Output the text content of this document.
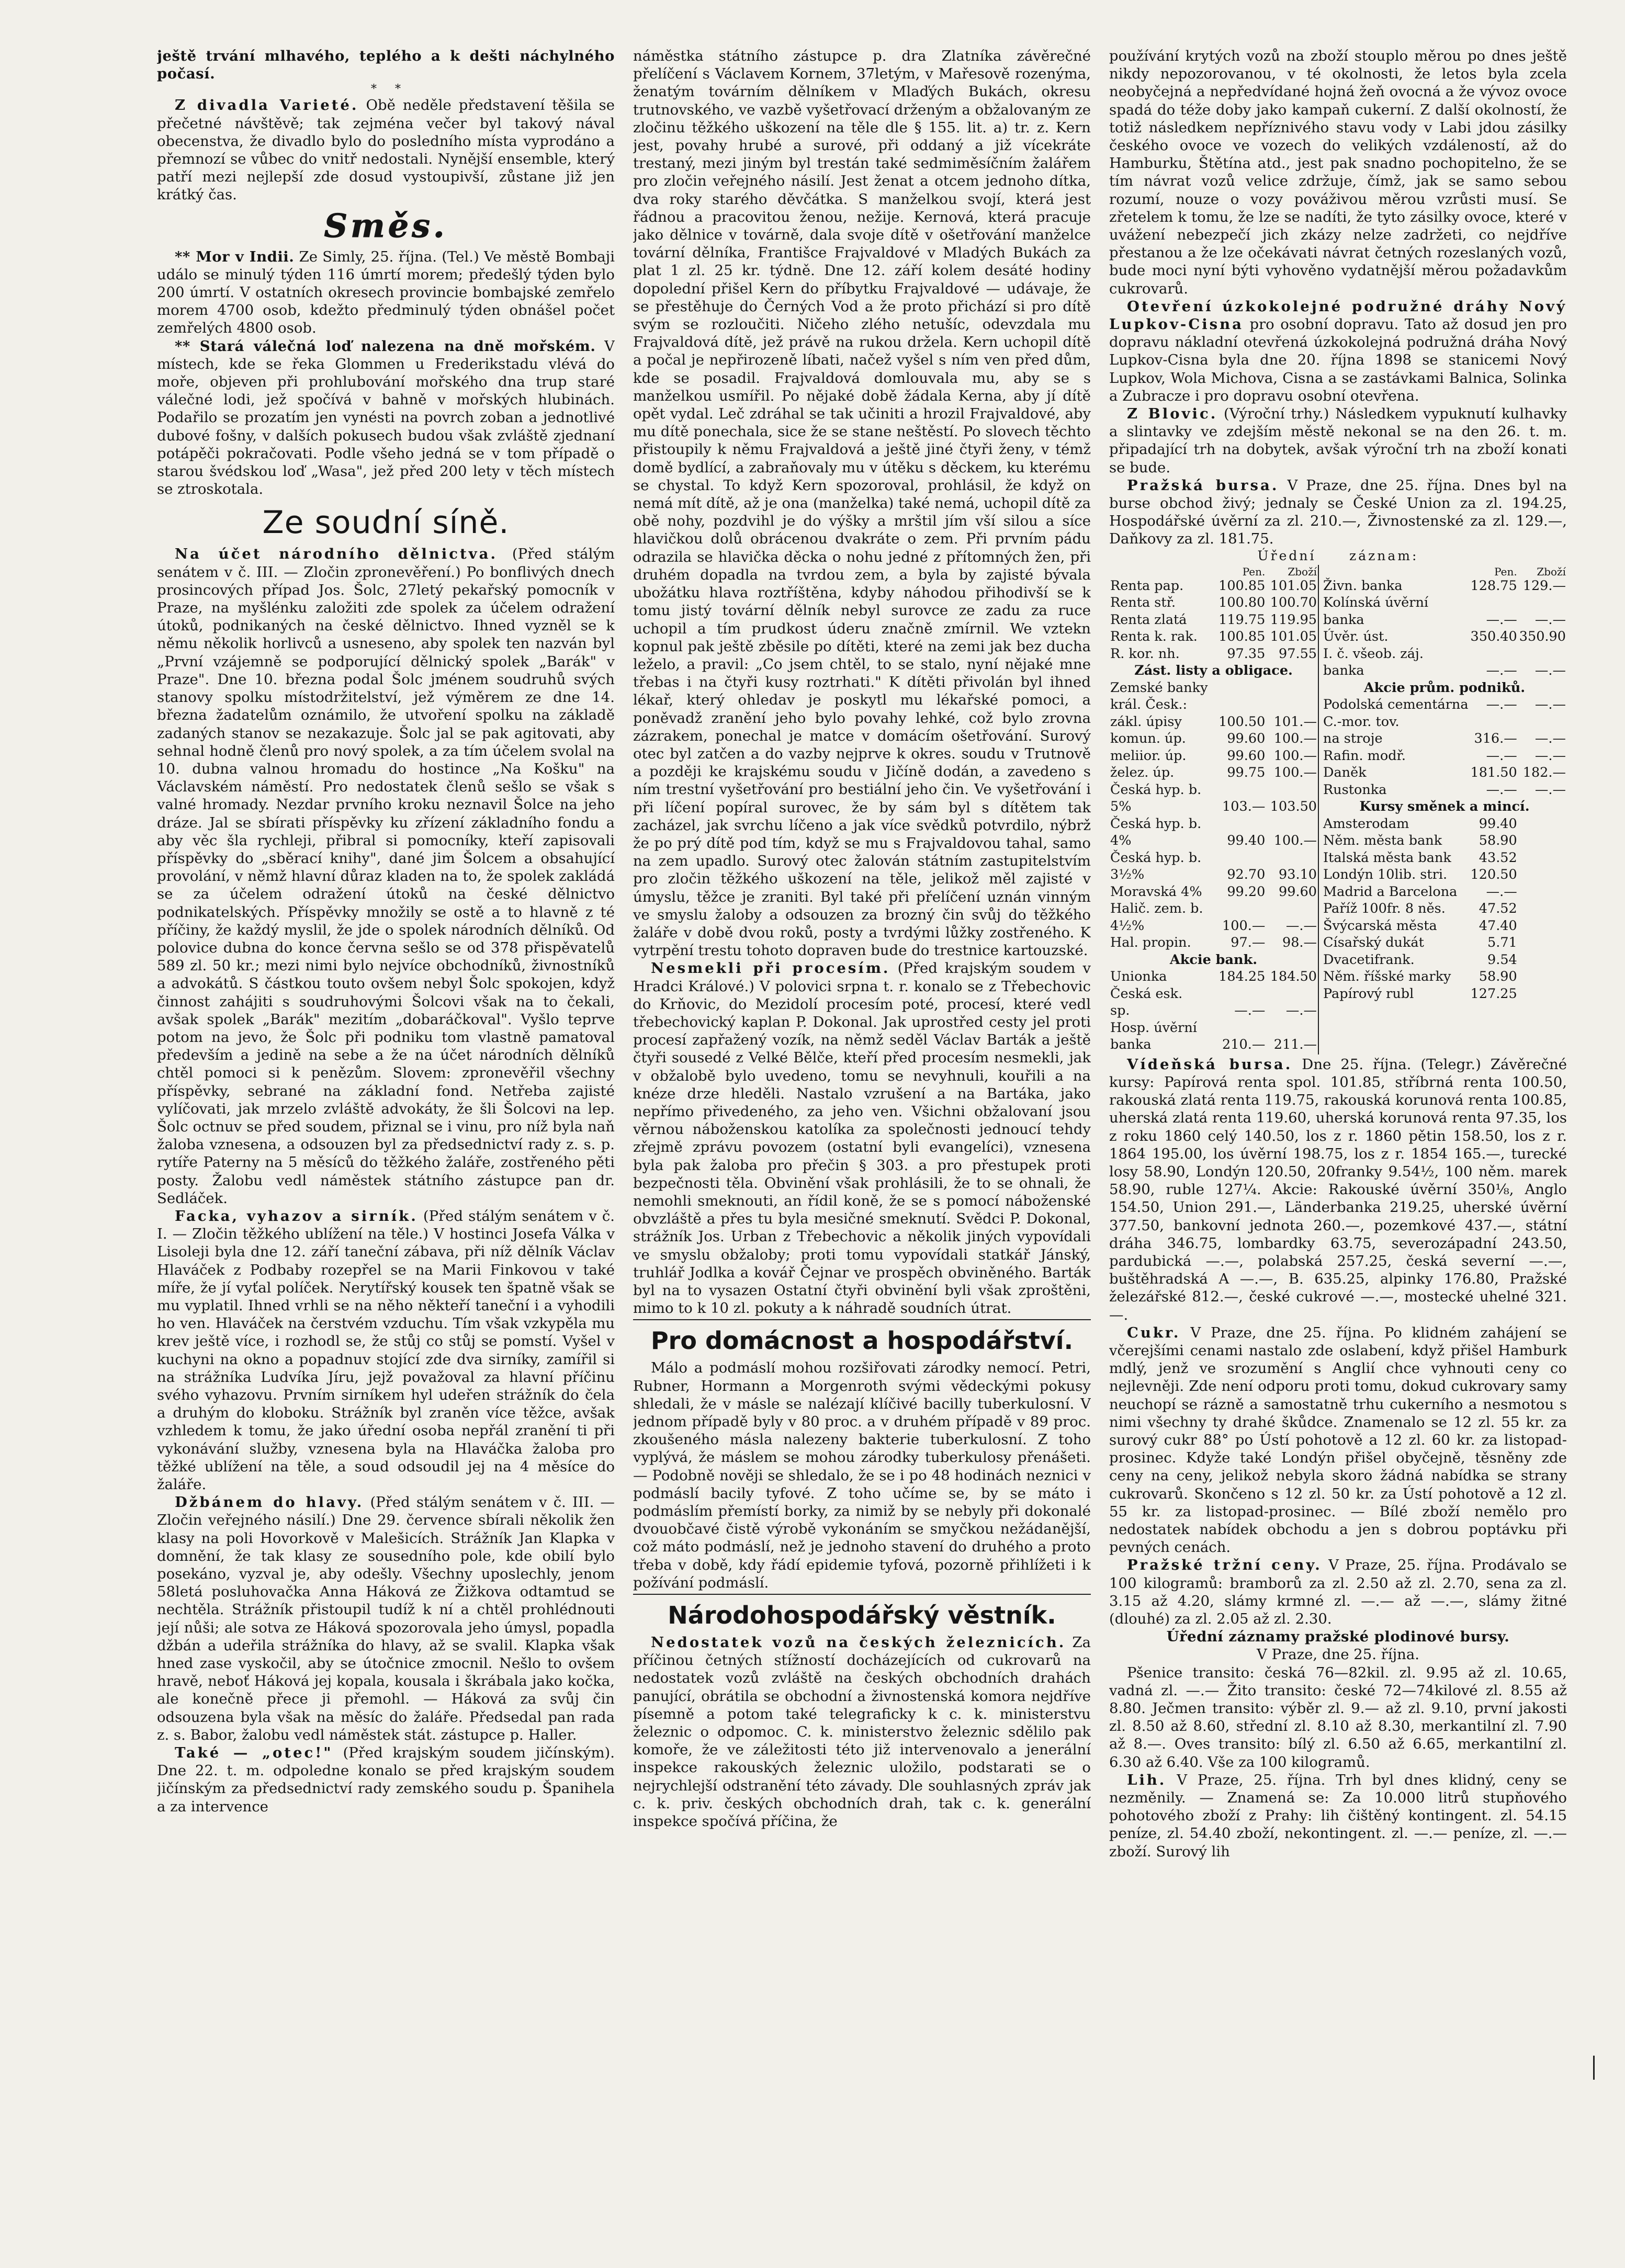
ještě trvání mlhavého, teplého a k dešti náchylného počasí.

*     *

Z divadla Varieté. Obě neděle představení těšila se přečetné návštěvě; tak zejména večer byl takový nával obecenstva, že divadlo bylo do posledního místa vyprodáno a přemnozí se vůbec do vnitř nedostali. Nynější ensemble, který patří mezi nejlepší zde dosud vystoupivší, zůstane již jen krátký čas.

Směs.

** Mor v Indii. Ze Simly, 25. října. (Tel.) Ve městě Bombaji událo se minulý týden 116 úmrtí morem; předešlý týden bylo 200 úmrtí. V ostatních okresech provincie bombajské zemřelo morem 4700 osob, kdežto předminulý týden obnášel počet zemřelých 4800 osob.

** Stará válečná loď nalezena na dně mořském. V místech, kde se řeka Glommen u Frederikstadu vlévá do moře, objeven při prohlubování mořského dna trup staré válečné lodi, jež spočívá v bahně v mořských hlubinách. Podařilo se prozatím jen vynésti na povrch zoban a jednotlivé dubové fošny, v dalších pokusech budou však zvláště zjednaní potápěči pokračovati. Podle všeho jedná se v tom případě o starou švédskou loď „Wasa", jež před 200 lety v těch místech se ztroskotala.

Ze soudní síně.

Na účet národního dělnictva. (Před stálým senátem v č. III. — Zločin zpronevěření.) Po bonflivých dnech prosincových případ Jos. Šolc, 27letý pekařský pomocník v Praze, na myšlénku založiti zde spolek za účelem odražení útoků, podnikaných na české dělnictvo. Ihned vyzněl se k němu několik horlivců a usneseno, aby spolek ten nazván byl „První vzájemně se podporující dělnický spolek „Barák" v Praze". Dne 10. března podal Šolc jménem soudruhů svých stanovy spolku místodržitelství, jež výměrem ze dne 14. března žadatelům oznámilo, že utvoření spolku na základě zadaných stanov se nezakazuje. Šolc jal se pak agitovati, aby sehnal hodně členů pro nový spolek, a za tím účelem svolal na 10. dubna valnou hromadu do hostince „Na Košku" na Václavském náměstí. Pro nedostatek členů sešlo se však s valné hromady. Nezdar prvního kroku neznavil Šolce na jeho dráze. Jal se sbírati příspěvky ku zřízení základního fondu a aby věc šla rychleji, přibral si pomocníky, kteří zapisovali příspěvky do „sběrací knihy", dané jim Šolcem a obsahující provolání, v němž hlavní důraz kladen na to, že spolek zakládá se za účelem odražení útoků na české dělnictvo podnikatelských. Příspěvky množily se ostě a to hlavně z té příčiny, že každý myslil, že jde o spolek národních dělníků. Od polovice dubna do konce června sešlo se od 378 přispěvatelů 589 zl. 50 kr.; mezi nimi bylo nejvíce obchodníků, živnostníků a advokátů. S částkou touto ovšem nebyl Šolc spokojen, když činnost zahájiti s soudruhovými Šolcovi však na to čekali, avšak spolek „Barák" mezitím „dobaráčkoval". Vyšlo teprve potom na jevo, že Šolc při podniku tom vlastně pamatoval především a jedině na sebe a že na účet národních dělníků chtěl pomoci si k penězům. Slovem: zpronevěřil všechny příspěvky, sebrané na základní fond. Netřeba zajisté vylíčovati, jak mrzelo zvláště advokáty, že šli Šolcovi na lep. Šolc octnuv se před soudem, přiznal se i vinu, pro níž byla naň žaloba vznesena, a odsouzen byl za předsednictví rady z. s. p. rytíře Paterny na 5 měsíců do těžkého žaláře, zostřeného pěti posty. Žalobu vedl náměstek státního zástupce pan dr. Sedláček.

Facka, vyhazov a sirník. (Před stálým senátem v č. I. — Zločin těžkého ublížení na těle.) V hostinci Josefa Válka v Lisoleji byla dne 12. září taneční zábava, při níž dělník Václav Hlaváček z Podbaby rozepřel se na Marii Finkovou v také míře, že jí vyťal políček. Nerytířský kousek ten špatně však se mu vyplatil. Ihned vrhli se na něho někteří taneční i a vyhodili ho ven. Hlaváček na čerstvém vzduchu. Tím však vzkypěla mu krev ještě více, i rozhodl se, že stůj co stůj se pomstí. Vyšel v kuchyni na okno a popadnuv stojící zde dva sirníky, zamířil si na strážníka Ludvíka Jíru, jejž považoval za hlavní příčinu svého vyhazovu. Prvním sirníkem hyl udeřen strážník do čela a druhým do kloboku. Strážník byl zraněn více těžce, avšak vzhledem k tomu, že jako úřední osoba nepřál zranění ti při vykonávání služby, vznesena byla na Hlaváčka žaloba pro těžké ublížení na těle, a soud odsoudil jej na 4 měsíce do žaláře.

Džbánem do hlavy. (Před stálým senátem v č. III. — Zločin veřejného násilí.) Dne 29. července sbírali několik žen klasy na poli Hovorkově v Malešicích. Strážník Jan Klapka v domnění, že tak klasy ze sousedního pole, kde obilí bylo posekáno, vyzval je, aby odešly. Všechny uposlechly, jenom 58letá posluhovačka Anna Háková ze Žižkova odtamtud se nechtěla. Strážník přistoupil tudíž k ní a chtěl prohlédnouti její nůši; ale sotva ze Háková spozorovala jeho úmysl, popadla džbán a udeřila strážníka do hlavy, až se svalil. Klapka však hned zase vyskočil, aby se útočnice zmocnil. Nešlo to ovšem hravě, neboť Háková jej kopala, kousala i škrábala jako kočka, ale konečně přece ji přemohl. — Háková za svůj čin odsouzena byla však na měsíc do žaláře. Předsedal pan rada z. s. Babor, žalobu vedl náměstek stát. zástupce p. Haller.

Také — „otec!" (Před krajským soudem jičínským). Dne 22. t. m. odpoledne konalo se před krajským soudem jičínským za předsednictví rady zemského soudu p. Španihela a za intervence

náměstka státního zástupce p. dra Zlatníka závěrečné přelíčení s Václavem Kornem, 37letým, v Mařesově rozenýma, ženatým továrním dělníkem v Mlaďých Bukách, okresu trutnovského, ve vazbě vyšetřovací drženým a obžalovaným ze zločinu těžkého uškození na těle dle § 155. lit. a) tr. z. Kern jest, povahy hrubé a surové, při oddaný a již vícekráte trestaný, mezi jiným byl trestán také sedmiměsíčním žalářem pro zločin veřejného násilí. Jest ženat a otcem jednoho dítka, dva roky starého děvčátka. S manželkou svojí, která jest řádnou a pracovitou ženou, nežije. Kernová, která pracuje jako dělnice v továrně, dala svoje dítě v ošetřování manželce tovární dělníka, Františce Frajvaldové v Mladých Bukách za plat 1 zl. 25 kr. týdně. Dne 12. září kolem desáté hodiny dopolední přišel Kern do příbytku Frajvaldové — udávaje, že se přestěhuje do Černých Vod a že proto přichází si pro dítě svým se rozloučiti. Ničeho zlého netušíc, odevzdala mu Frajvaldová dítě, jež právě na rukou držela. Kern uchopil dítě a počal je nepřirozeně líbati, načež vyšel s ním ven před dům, kde se posadil. Frajvaldová domlouvala mu, aby se s manželkou usmířil. Po nějaké době žádala Kerna, aby jí dítě opět vydal. Leč zdráhal se tak učiniti a hrozil Frajvaldové, aby mu dítě ponechala, sice že se stane neštěstí. Po slovech těchto přistoupily k němu Frajvaldová a ještě jiné čtyři ženy, v témž domě bydlící, a zabraňovaly mu v útěku s děckem, ku kterému se chystal. To když Kern spozoroval, prohlásil, že když on nemá mít dítě, až je ona (manželka) také nemá, uchopil dítě za obě nohy, pozdvihl je do výšky a mrštil jím vší silou a síce hlavičkou dolů obrácenou dvakráte o zem. Při prvním pádu odrazila se hlavička děcka o nohu jedné z přítomných žen, při druhém dopadla na tvrdou zem, a byla by zajisté bývala ubožátku hlava roztříštěna, kdyby náhodou přihodivší se k tomu jistý tovární dělník nebyl surovce ze zadu za ruce uchopil a tím prudkost úderu značně zmírnil. We vztekn kopnul pak ještě zběsile po dítěti, které na zemi jak bez ducha leželo, a pravil: „Co jsem chtěl, to se stalo, nyní nějaké mne třebas i na čtyři kusy roztrhati." K dítěti přivolán byl ihned lékař, který ohledav je poskytl mu lékařské pomoci, a poněvadž zranění jeho bylo povahy lehké, což bylo zrovna zázrakem, ponechal je matce v domácím ošetřování. Surový otec byl zatčen a do vazby nejprve k okres. soudu v Trutnově a později ke krajskému soudu v Jičíně dodán, a zavedeno s ním trestní vyšetřování pro bestiální jeho čin. Ve vyšetřování i při líčení popíral surovec, že by sám byl s dítětem tak zacházel, jak svrchu líčeno a jak více svědků potvrdilo, nýbrž že po prý dítě pod tím, když se mu s Frajvaldovou tahal, samo na zem upadlo. Surový otec žalován státním zastupitelstvím pro zločin těžkého uškození na těle, jelikož měl zajisté v úmyslu, těžce je zraniti. Byl také při přelíčení uznán vinným ve smyslu žaloby a odsouzen za brozný čin svůj do těžkého žaláře v době dvou roků, posty a tvrdými lůžky zostřeného. K vytrpění trestu tohoto dopraven bude do trestnice kartouzské.

Nesmekli při procesím. (Před krajským soudem v Hradci Králové.) V polovici srpna t. r. konalo se z Třebechovic do Krňovic, do Mezidolí procesím poté, procesí, které vedl třebechovický kaplan P. Dokonal. Jak uprostřed cesty jel proti procesí zapřažený vozík, na němž seděl Václav Barták a ještě čtyři sousedé z Velké Bělče, kteří před procesím nesmekli, jak v obžalobě bylo uvedeno, tomu se nevyhnuli, kouřili a na knéze drze hleděli. Nastalo vzrušení a na Bartáka, jako nepřímo přivedeného, za jeho ven. Všichni obžalovaní jsou věrnou náboženskou katolíka za společnosti jednoucí tehdy zřejmě zprávu povozem (ostatní byli evangelíci), vznesena byla pak žaloba pro přečin § 303. a pro přestupek proti bezpečnosti těla. Obvinění však prohlásili, že to se ohnali, že nemohli smeknouti, an řídil koně, že se s pomocí náboženské obvzláště a přes tu byla mesičné smeknutí. Svědci P. Dokonal, strážník Jos. Urban z Třebechovic a několik jiných vypovídali ve smyslu obžaloby; proti tomu vypovídali statkář Jánský, truhlář Jodlka a kovář Čejnar ve prospěch obviněného. Barták byl na to vysazen Ostatní čtyři obvinění byli však zproštěni, mimo to k 10 zl. pokuty a k náhradě soudních útrat.

Pro domácnost a hospodářství.

Málo a podmáslí mohou rozšiřovati zárodky nemocí. Petri, Rubner, Hormann a Morgenroth svými vědeckými pokusy shledali, že v másle se nalézají klíčivé bacilly tuberkulosní. V jednom případě byly v 80 proc. a v druhém případě v 89 proc. zkoušeného másla nalezeny bakterie tuberkulosní. Z toho vyplývá, že máslem se mohou zárodky tuberkulosy přenášeti. — Podobně nověji se shledalo, že se i po 48 hodinách neznici v podmáslí bacily tyfové. Z toho učíme se, by se máto i podmáslím přemístí borky, za nimiž by se nebyly při dokonalé dvouobčavé čistě výrobě vykonáním se smyčkou nežádanější, což máto podmáslí, než je jednoho stavení do druhého a proto třeba v době, kdy řádí epidemie tyfová, pozorně přihlížeti i k požívání podmáslí.

Národohospodářský věstník.

Nedostatek vozů na českých železnicích. Za příčinou četných stížností docházejících od cukrovarů na nedostatek vozů zvláště na českých obchodních drahách panující, obrátila se obchodní a živnostenská komora nejdříve písemně a potom také telegraficky k c. k. ministerstvu železnic o odpomoc. C. k. ministerstvo železnic sdělilo pak komoře, že ve záležitosti této již intervenovalo a jenerální inspekce rakouských železnic uložilo, podstarati se o nejrychlejší odstranění této závady. Dle souhlasných zpráv jak c. k. priv. českých obchodních drah, tak c. k. generální inspekce spočívá příčina, že

používání krytých vozů na zboží stouplo měrou po dnes ještě nikdy nepozorovanou, v té okolnosti, že letos byla zcela neobyčejná a nepředvídané hojná žeň ovocná a že vývoz ovoce spadá do téže doby jako kampaň cukerní. Z další okolností, že totiž následkem nepříznivého stavu vody v Labi jdou zásilky českého ovoce ve vozech do velikých vzdáleností, až do Hamburku, Štětína atd., jest pak snadno pochopitelno, že se tím návrat vozů velice zdržuje, čímž, jak se samo sebou rozumí, nouze o vozy pováživou měrou vzrůsti musí. Se zřetelem k tomu, že lze se nadíti, že tyto zásilky ovoce, které v uvážení nebezpečí jich zkázy nelze zadržeti, co nejdříve přestanou a že lze očekávati návrat četných rozeslaných vozů, bude moci nyní býti vyhověno vydatnější měrou požadavkům cukrovarů.

Otevření úzkokolejné podružné dráhy Nový Lupkov-Cisna pro osobní dopravu. Tato až dosud jen pro dopravu nákladní otevřená úzkokolejná podružná dráha Nový Lupkov-Cisna byla dne 20. října 1898 se stanicemi Nový Lupkov, Wola Michova, Cisna a se zastávkami Balnica, Solinka a Zubracze i pro dopravu osobní otevřena.

Z Blovic. (Výroční trhy.) Následkem vypuknutí kulhavky a slintavky ve zdejším městě nekonal se na den 26. t. m. připadající trh na dobytek, avšak výroční trh na zboží konati se bude.

Pražská bursa. V Praze, dne 25. října. Dnes byl na burse obchod živý; jednaly se České Union za zl. 194.25, Hospodářské úvěrní za zl. 210.—, Živnostenské za zl. 129.—, Daňkovy za zl. 181.75.

Úřední	záznam:
	Pen.	Zboží
Renta pap.	100.85	101.05
Renta stř.	100.80	100.70
Renta zlatá	119.75	119.95
Renta k. rak.	100.85	101.05
R. kor. nh.	97.35	97.55
Zást. listy a obligace.
Zemské banky		
král. Česk.:		
zákl. úpisy	100.50	101.—
komun. úp.	99.60	100.—
meliior. úp.	99.60	100.—
želez. úp.	99.75	100.—
Česká hyp. b.		
5%	103.—	103.50
Česká hyp. b.		
4%	99.40	100.—
Česká hyp. b.		
3½%	92.70	93.10
Moravská 4%	99.20	99.60
Halič. zem. b.		
4½%	100.—	—.—
Hal. propin.	97.—	98.—
Akcie bank.
Unionka	184.25	184.50
Česká esk.		
sp.	—.—	—.—
Hosp. úvěrní		
banka	210.—	211.—

	Pen.	Zboží
Živn. banka	128.75	129.—
Kolínská úvěrní		
banka	—.—	—.—
Úvěr. úst.	350.40	350.90
I. č. všeob. záj.		
banka	—.—	—.—
Akcie prům. podniků.
Podolská cementárna	—.—	—.—
C.-mor. tov.		
na stroje	316.—	—.—
Rafin. modř.	—.—	—.—
Daněk	181.50	182.—
Rustonka	—.—	—.—
Kursy směnek a mincí.
Amsterodam	99.40
Něm. města bank	58.90
Italská města bank	43.52
Londýn 10lib. stri.	120.50
Madrid a Barcelona	—.—
Paříž 100fr. 8 něs.	47.52
Švýcarská města	47.40
Císařský dukát	5.71
Dvacetifrank.	9.54
Něm. říšské marky	58.90
Papírový rubl	127.25

Vídeňská bursa. Dne 25. října. (Telegr.) Závěrečné kursy: Papírová renta spol. 101.85, stříbrná renta 100.50, rakouská zlatá renta 119.75, rakouská korunová renta 100.85, uherská zlatá renta 119.60, uherská korunová renta 97.35, los z roku 1860 celý 140.50, los z r. 1860 pětin 158.50, los z r. 1864 195.00, los úvěrní 198.75, los z r. 1854 165.—, turecké losy 58.90, Londýn 120.50, 20franky 9.54½, 100 něm. marek 58.90, ruble 127¼. Akcie: Rakouské úvěrní 350⅛, Anglo 154.50, Union 291.—, Länderbanka 219.25, uherské úvěrní 377.50, bankovní jednota 260.—, pozemkové 437.—, státní dráha 346.75, lombardky 63.75, severozápadní 243.50, pardubická —.—, polabská 257.25, česká severní —.—, buštěhradská A —.—, B. 635.25, alpinky 176.80, Pražské železářské 812.—, české cukrové —.—, mostecké uhelné 321.—.

Cukr. V Praze, dne 25. října. Po klidném zahájení se včerejšími cenami nastalo zde oslabení, když přišel Hamburk mdlý, jenž ve srozumění s Anglií chce vyhnouti ceny co nejlevněji. Zde není odporu proti tomu, dokud cukrovary samy neuchopí se rázně a samostatně trhu cukerního a nesmotou s nimi všechny ty drahé škůdce. Znamenalo se 12 zl. 55 kr. za surový cukr 88° po Ústí pohotově a 12 zl. 60 kr. za listopad-prosinec. Kdyže také Londýn přišel obyčejně, těsněny zde ceny na ceny, jelikož nebyla skoro žádná nabídka se strany cukrovarů. Skončeno s 12 zl. 50 kr. za Ústí pohotově a 12 zl. 55 kr. za listopad-prosinec. — Bílé zboží nemělo pro nedostatek nabídek obchodu a jen s dobrou poptávku při pevných cenách.

Pražské tržní ceny. V Praze, 25. října. Prodávalo se 100 kilogramů: bramborů za zl. 2.50 až zl. 2.70, sena za zl. 3.15 až 4.20, slámy krmné zl. —.— až —.—, slámy žitné (dlouhé) za zl. 2.05 až zl. 2.30.

Úřední záznamy pražské plodinové bursy.
V Praze, dne 25. října.

Pšenice transito: česká 76—82kil. zl. 9.95 až zl. 10.65, vadná zl. —.— Žito transito: české 72—74kilové zl. 8.55 až 8.80. Ječmen transito: výběr zl. 9.— až zl. 9.10, první jakosti zl. 8.50 až 8.60, střední zl. 8.10 až 8.30, merkantilní zl. 7.90 až 8.—. Oves transito: bílý zl. 6.50 až 6.65, merkantilní zl. 6.30 až 6.40. Vše za 100 kilogramů.

Lih. V Praze, 25. října. Trh byl dnes klidný, ceny se nezměnily. — Znamená se: Za 10.000 litrů stupňového pohotového zboží z Prahy: lih čištěný kontingent. zl. 54.15 peníze, zl. 54.40 zboží, nekontingent. zl. —.— peníze, zl. —.— zboží. Surový lih
